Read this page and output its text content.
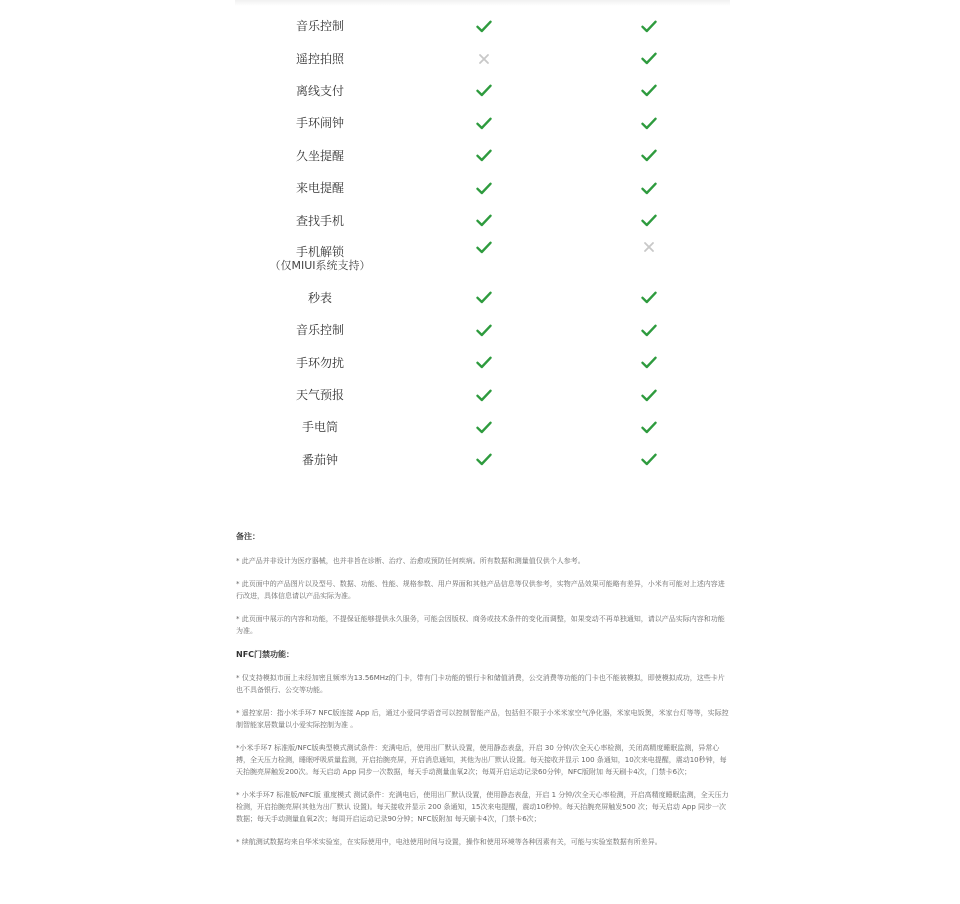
音乐控制
遥控拍照
离线支付
手环闹钟
久坐提醒
来电提醒
查找手机
手机解锁
（仅MIUI系统支持）
秒表
音乐控制
手环勿扰
天气预报
手电筒
番茄钟
备注：

* 此产品并非设计为医疗器械，也并非旨在诊断、治疗、治愈或预防任何疾病。所有数据和测量值仅供个人参考。

* 此页面中的产品图片以及型号、数据、功能、性能、规格参数、用户界面和其他产品信息等仅供参考，实物产品效果可能略有差异，小米有可能对上述内容进行改进，具体信息请以产品实际为准。

* 此页面中展示的内容和功能，不提保证能够提供永久服务，可能会因版权、商务或技术条件的变化而调整，如果变动不再单独通知，请以产品实际内容和功能为准。

NFC门禁功能：

* 仅支持模拟市面上未经加密且频率为13.56MHz的门卡，带有门卡功能的银行卡和储值消费，公交消费等功能的门卡也不能被模拟，即使模拟成功，这些卡片也不具备银行、公交等功能。

* 遥控家居：指小米手环7 NFC版连接 App 后，通过小爱同学语音可以控制智能产品，包括但不限于小米米家空气净化器，米家电饭煲，米家台灯等等，实际控制智能家居数量以小爱实际控制为准 。

*小米手环7 标准版/NFC版典型模式测试条件：充满电后，使用出厂默认设置，使用静态表盘，开启 30 分钟/次全天心率检测，关闭高精度睡眠监测，异常心搏，全天压力检测，睡眠呼吸质量监测，开启抬腕亮屏，开启消息通知，其他为出厂默认设置。每天接收并显示 100 条通知，10次来电提醒，震动10秒钟，每天抬腕亮屏触发200次。每天启动 App 同步一次数据，每天手动测量血氧2次；每周开启运动记录60分钟，NFC版附加 每天刷卡4次，门禁卡6次；

* 小米手环7 标准版/NFC版 重度模式 测试条件：充满电后，使用出厂默认设置，使用静态表盘，开启 1 分钟/次全天心率检测，开启高精度睡眠监测，全天压力检测，开启抬腕亮屏(其他为出厂默认 设置)。每天接收并显示 200 条通知，15次来电提醒，震动10秒钟。每天抬腕亮屏触发500 次；每天启动 App 同步一次数据；每天手动测量血氧2次；每周开启运动记录90分钟；NFC版附加 每天刷卡4次，门禁卡6次；

* 续航测试数据均来自华米实验室，在实际使用中，电池使用时间与设置，操作和使用环境等各种因素有关，可能与实验室数据有所差异。
